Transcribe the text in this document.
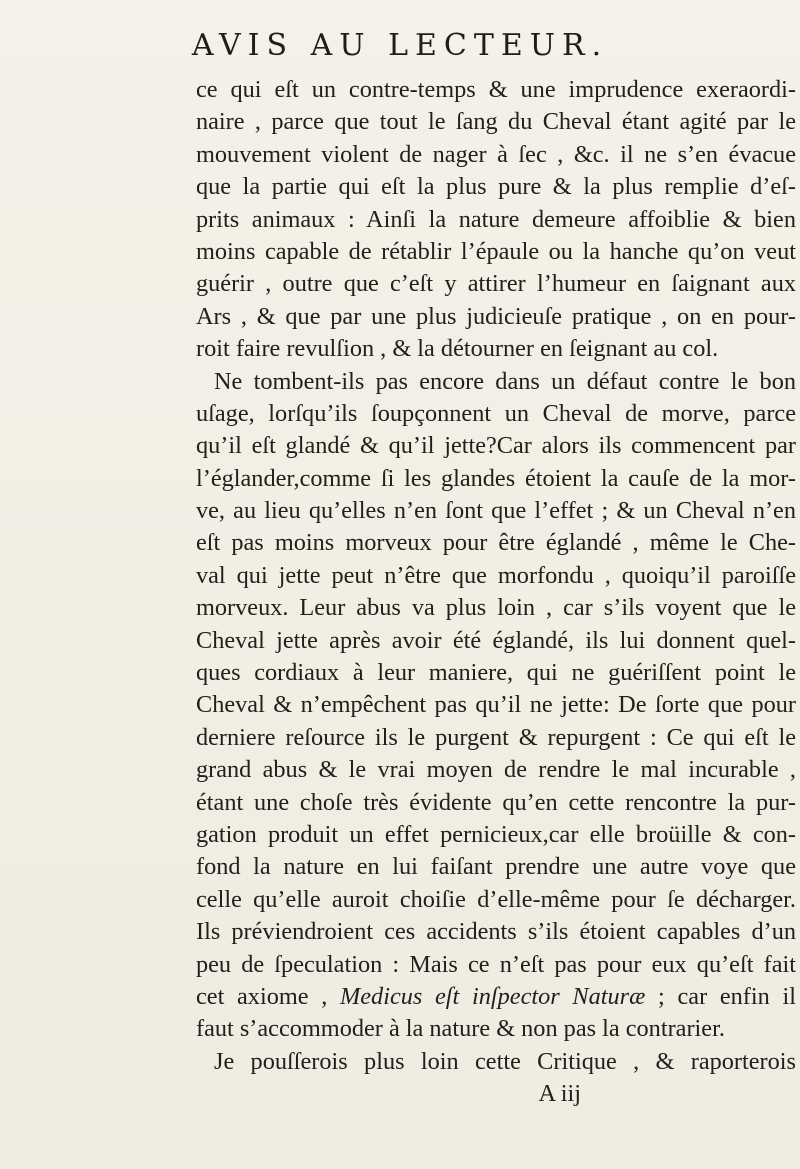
AVIS AU LECTEUR.
ce qui eſt un contre-temps & une imprudence exeraordi-
naire , parce que tout le ſang du Cheval étant agité par le
mouvement violent de nager à ſec , &c. il ne s’en évacue
que la partie qui eſt la plus pure & la plus remplie d’eſ-
prits animaux : Ainſi la nature demeure affoiblie & bien
moins capable de rétablir l’épaule ou la hanche qu’on veut
guérir , outre que c’eſt y attirer l’humeur en ſaignant aux
Ars , & que par une plus judicieuſe pratique , on en pour-
roit faire revulſion , & la détourner en ſeignant au col.
Ne tombent-ils pas encore dans un défaut contre le bon
uſage, lorſqu’ils ſoupçonnent un Cheval de morve, parce
qu’il eſt glandé & qu’il jette?Car alors ils commencent par
l’églander,comme ſi les glandes étoient la cauſe de la mor-
ve, au lieu qu’elles n’en ſont que l’effet ; & un Cheval n’en
eſt pas moins morveux pour être églandé , même le Che-
val qui jette peut n’être que morfondu , quoiqu’il paroiſſe
morveux. Leur abus va plus loin , car s’ils voyent que le
Cheval jette après avoir été églandé, ils lui donnent quel-
ques cordiaux à leur maniere, qui ne guériſſent point le
Cheval & n’empêchent pas qu’il ne jette: De ſorte que pour
derniere reſource ils le purgent & repurgent : Ce qui eſt le
grand abus & le vrai moyen de rendre le mal incurable ,
étant une choſe très évidente qu’en cette rencontre la pur-
gation produit un effet pernicieux,car elle broüille & con-
fond la nature en lui faiſant prendre une autre voye que
celle qu’elle auroit choiſie d’elle-même pour ſe décharger.
Ils préviendroient ces accidents s’ils étoient capables d’un
peu de ſpeculation : Mais ce n’eſt pas pour eux qu’eſt fait
cet axiome , Medicus eſt inſpector Naturæ ; car enfin il
faut s’accommoder à la nature & non pas la contrarier.
Je pouſſerois plus loin cette Critique , & raporterois
A iij
